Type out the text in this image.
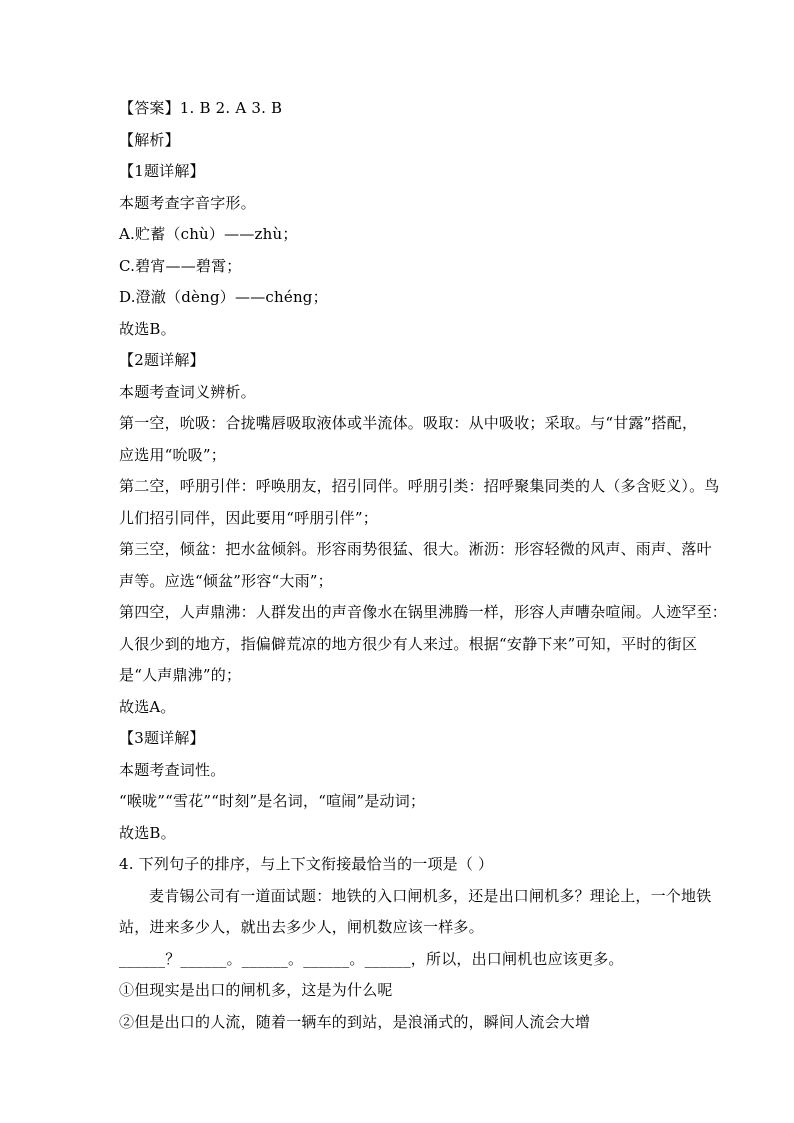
【答案】1. B 2. A 3. B
【解析】
【1题详解】
本题考查字音字形。
A.贮蓄（chù）——zhù；
C.碧宵——碧霄；
D.澄澈（dèng）——chéng；
故选B。
【2题详解】
本题考查词义辨析。
第一空，吮吸：合拢嘴唇吸取液体或半流体。吸取：从中吸收；采取。与“甘露”搭配，
应选用“吮吸”；
第二空，呼朋引伴：呼唤朋友，招引同伴。呼朋引类：招呼聚集同类的人（多含贬义）。鸟
儿们招引同伴，因此要用“呼朋引伴”；
第三空，倾盆：把水盆倾斜。形容雨势很猛、很大。淅沥：形容轻微的风声、雨声、落叶
声等。应选“倾盆”形容“大雨”；
第四空，人声鼎沸：人群发出的声音像水在锅里沸腾一样，形容人声嘈杂喧闹。人迹罕至：
人很少到的地方，指偏僻荒凉的地方很少有人来过。根据“安静下来”可知，平时的街区
是“人声鼎沸”的；
故选A。
【3题详解】
本题考查词性。
“喉咙”“雪花”“时刻”是名词，“喧闹”是动词；
故选B。
4. 下列句子的排序，与上下文衔接最恰当的一项是（ ）
麦肯锡公司有一道面试题：地铁的入口闸机多，还是出口闸机多？理论上，一个地铁
站，进来多少人，就出去多少人，闸机数应该一样多。
______？______。______。______。______，所以，出口闸机也应该更多。
①但现实是出口的闸机多，这是为什么呢
②但是出口的人流，随着一辆车的到站，是浪涌式的，瞬间人流会大增
